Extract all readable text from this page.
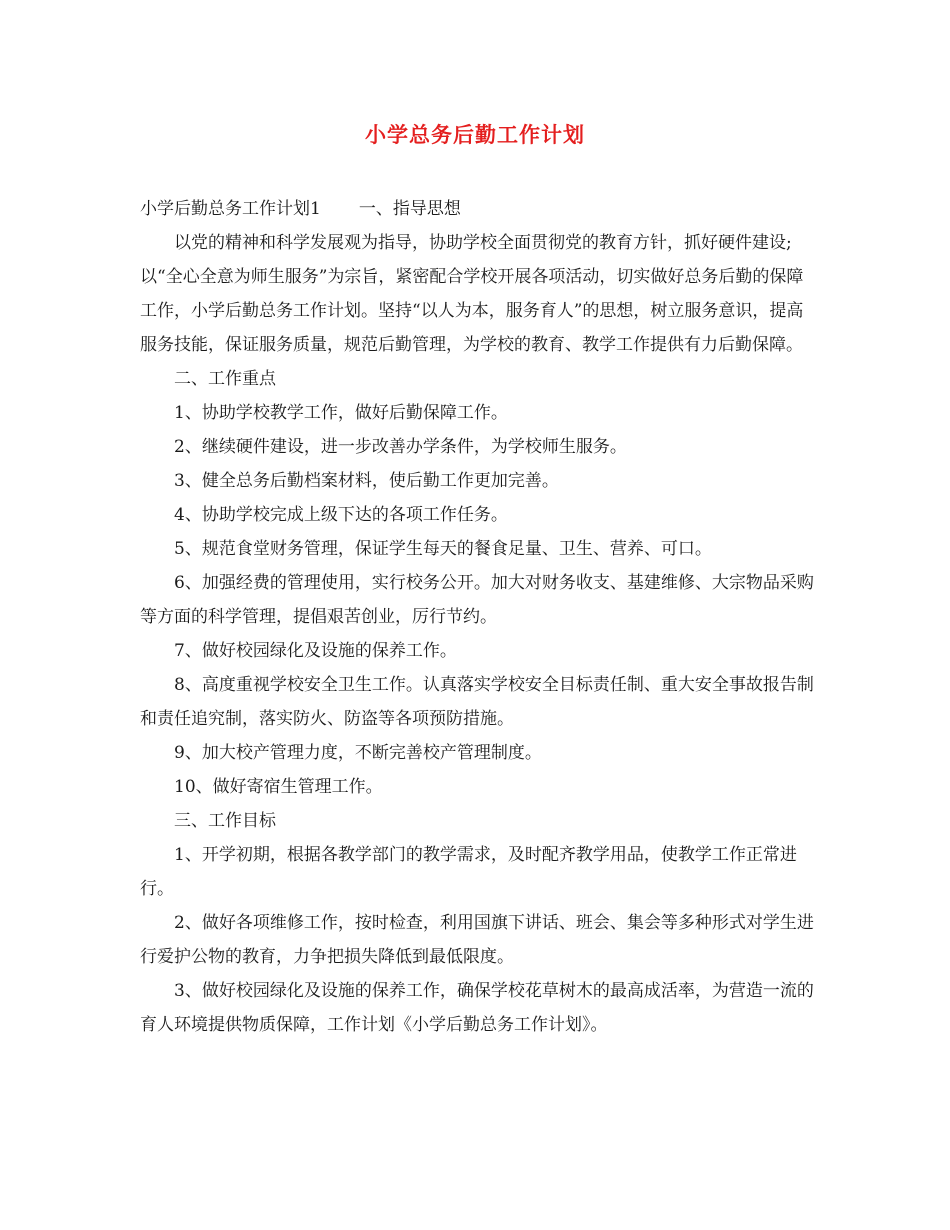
小学总务后勤工作计划

小学后勤总务工作计划1 一、指导思想

以党的精神和科学发展观为指导，协助学校全面贯彻党的教育方针，抓好硬件建设;以“全心全意为师生服务”为宗旨，紧密配合学校开展各项活动，切实做好总务后勤的保障工作，小学后勤总务工作计划。坚持“以人为本，服务育人”的思想，树立服务意识，提高服务技能，保证服务质量，规范后勤管理，为学校的教育、教学工作提供有力后勤保障。

二、工作重点

1、协助学校教学工作，做好后勤保障工作。

2、继续硬件建设，进一步改善办学条件，为学校师生服务。

3、健全总务后勤档案材料，使后勤工作更加完善。

4、协助学校完成上级下达的各项工作任务。

5、规范食堂财务管理，保证学生每天的餐食足量、卫生、营养、可口。

6、加强经费的管理使用，实行校务公开。加大对财务收支、基建维修、大宗物品采购等方面的科学管理，提倡艰苦创业，厉行节约。

7、做好校园绿化及设施的保养工作。

8、高度重视学校安全卫生工作。认真落实学校安全目标责任制、重大安全事故报告制和责任追究制，落实防火、防盗等各项预防措施。

9、加大校产管理力度，不断完善校产管理制度。

10、做好寄宿生管理工作。

三、工作目标

1、开学初期，根据各教学部门的教学需求，及时配齐教学用品，使教学工作正常进行。

2、做好各项维修工作，按时检查，利用国旗下讲话、班会、集会等多种形式对学生进行爱护公物的教育，力争把损失降低到最低限度。

3、做好校园绿化及设施的保养工作，确保学校花草树木的最高成活率，为营造一流的育人环境提供物质保障，工作计划《小学后勤总务工作计划》。
